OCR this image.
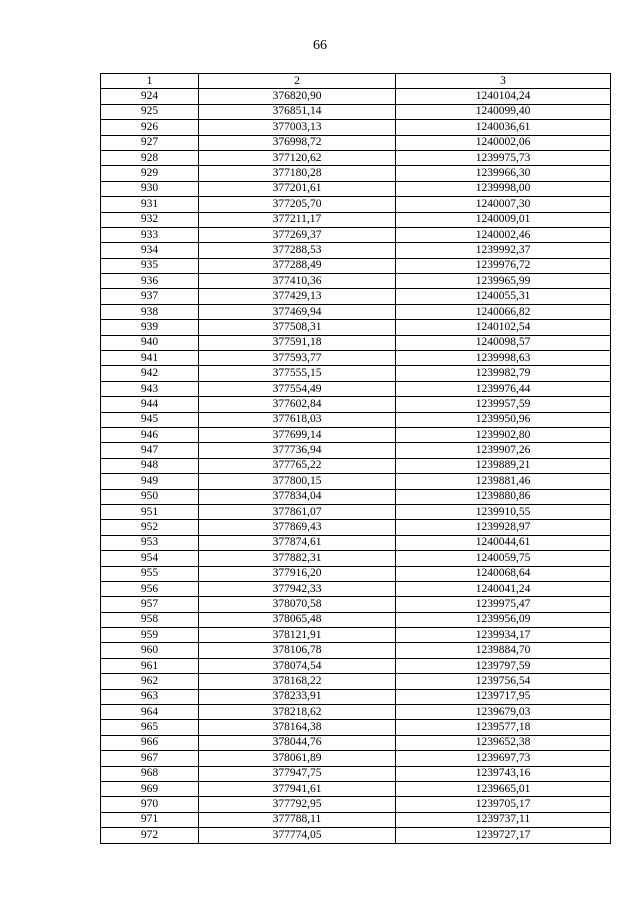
66
1	2	3
924	376820,90	1240104,24
925	376851,14	1240099,40
926	377003,13	1240036,61
927	376998,72	1240002,06
928	377120,62	1239975,73
929	377180,28	1239966,30
930	377201,61	1239998,00
931	377205,70	1240007,30
932	377211,17	1240009,01
933	377269,37	1240002,46
934	377288,53	1239992,37
935	377288,49	1239976,72
936	377410,36	1239965,99
937	377429,13	1240055,31
938	377469,94	1240066,82
939	377508,31	1240102,54
940	377591,18	1240098,57
941	377593,77	1239998,63
942	377555,15	1239982,79
943	377554,49	1239976,44
944	377602,84	1239957,59
945	377618,03	1239950,96
946	377699,14	1239902,80
947	377736,94	1239907,26
948	377765,22	1239889,21
949	377800,15	1239881,46
950	377834,04	1239880,86
951	377861,07	1239910,55
952	377869,43	1239928,97
953	377874,61	1240044,61
954	377882,31	1240059,75
955	377916,20	1240068,64
956	377942,33	1240041,24
957	378070,58	1239975,47
958	378065,48	1239956,09
959	378121,91	1239934,17
960	378106,78	1239884,70
961	378074,54	1239797,59
962	378168,22	1239756,54
963	378233,91	1239717,95
964	378218,62	1239679,03
965	378164,38	1239577,18
966	378044,76	1239652,38
967	378061,89	1239697,73
968	377947,75	1239743,16
969	377941,61	1239665,01
970	377792,95	1239705,17
971	377788,11	1239737,11
972	377774,05	1239727,17
